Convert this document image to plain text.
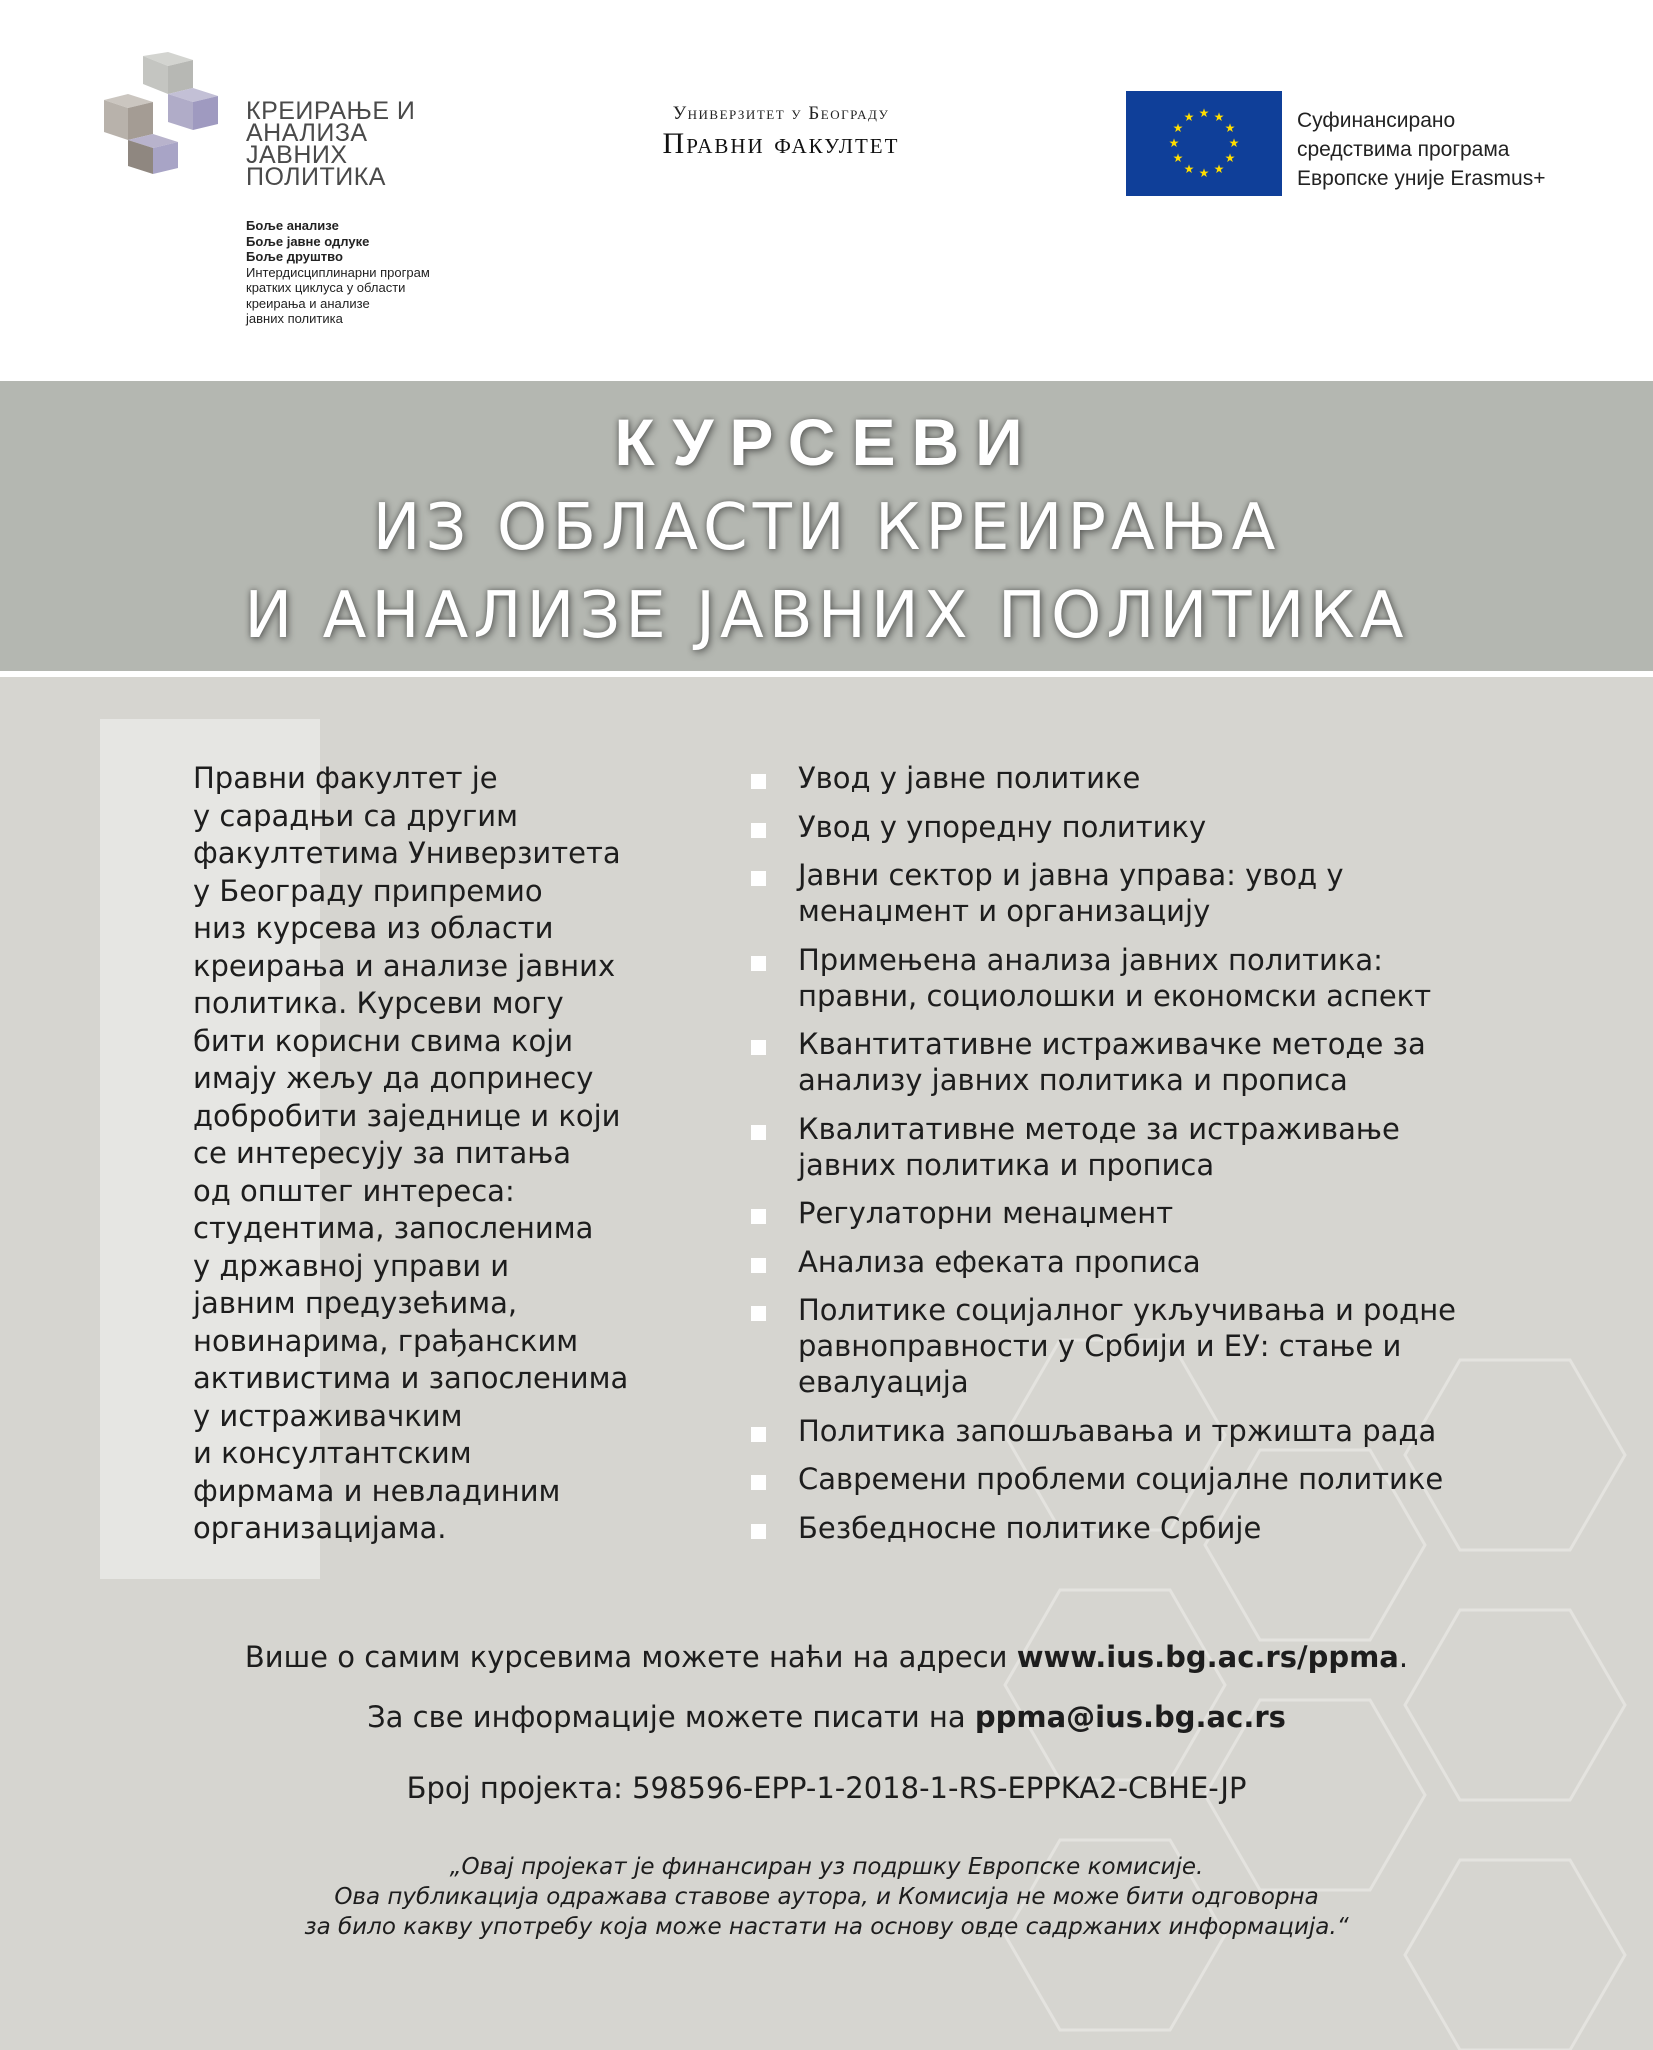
КРЕИРАЊЕ И
АНАЛИЗА
ЈАВНИХ
ПОЛИТИКА
Боље анализе
Боље јавне одлуке
Боље друштво
Интердисциплинарни програм
кратких циклуса у области
креирања и анализе
јавних политика
Универзитет у Београду
Правни факултет
★ ★
★
★
★
★
★
★
★
★
★
★	Суфинансирано
средствима програма
Европске уније Erasmus+
КУРСЕВИ
ИЗ ОБЛАСТИ КРЕИРАЊА
И АНАЛИЗЕ ЈАВНИХ ПОЛИТИКА
Правни факултет је
у сарадњи са другим
факултетима Универзитета
у Београду припремио
низ курсева из области
креирања и анализе јавних
политика. Курсеви могу
бити корисни свима који
имају жељу да допринесу
добробити заједнице и који
се интересују за питања
од општег интереса:
студентима, запосленима
у државној управи и
јавним предузећима,
новинарима, грађанским
активистима и запосленима
у истраживачким
и консултантским
фирмама и невладиним
организацијама.
Увод у јавне политике
Увод у упоредну политику
Јавни сектор и јавна управа: увод у
менаџмент и организацију
Примењена анализа јавних политика:
правни, социолошки и економски аспект
Квантитативне истраживачке методе за
анализу јавних политика и прописа
Квалитативне методе за истраживање
јавних политика и прописа
Регулаторни менаџмент
Анализа ефеката прописа
Политике социјалног укључивања и родне
равноправности у Србији и ЕУ: стање и
евалуација
Политика запошљавања и тржишта рада
Савремени проблеми социјалне политике
Безбедносне политике Србије
Више о самим курсевима можете наћи на адреси www.ius.bg.ac.rs/ppma.
За све информације можете писати на ppma@ius.bg.ac.rs
Број пројекта: 598596-EPP-1-2018-1-RS-EPPKA2-CBHE-JP
„Овај пројекат је финансиран уз подршку Европске комисије.
Ова публикација одражава ставове аутора, и Комисија не може бити одговорна
за било какву употребу која може настати на основу овде садржаних информација.“
